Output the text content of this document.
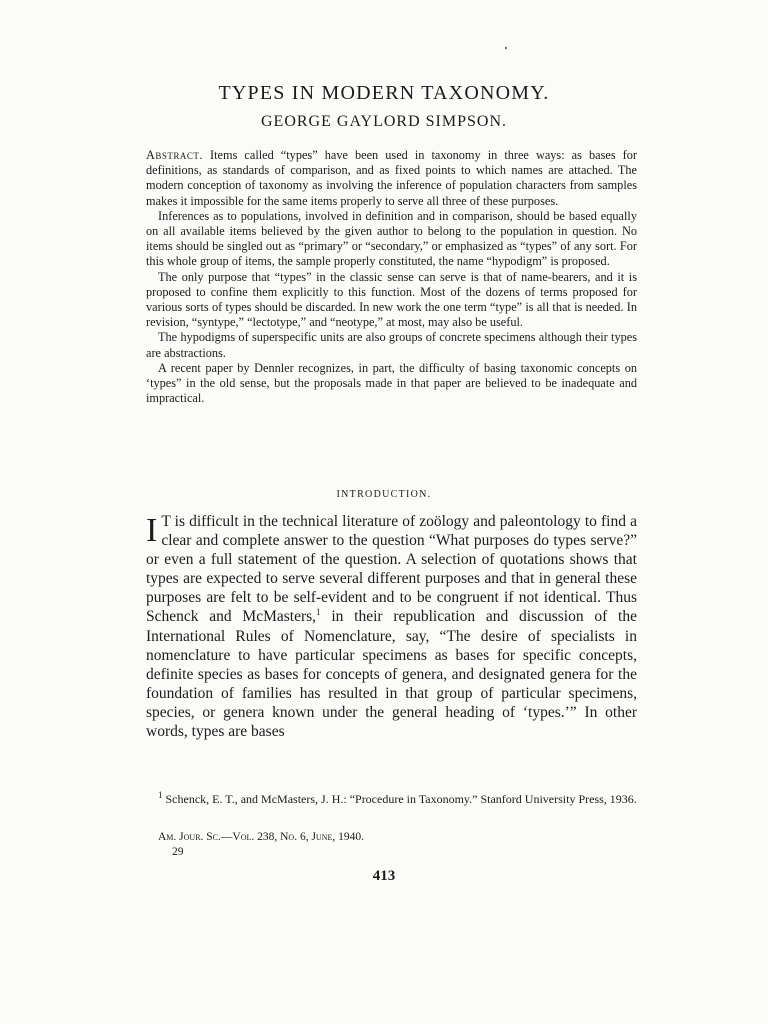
TYPES IN MODERN TAXONOMY.
GEORGE GAYLORD SIMPSON.

Abstract. Items called “types” have been used in taxonomy in three ways: as bases for definitions, as standards of comparison, and as fixed points to which names are attached. The modern conception of taxonomy as involving the inference of population characters from samples makes it impossible for the same items properly to serve all three of these purposes.

Inferences as to populations, involved in definition and in comparison, should be based equally on all available items believed by the given author to belong to the population in question. No items should be singled out as “primary” or “secondary,” or emphasized as “types” of any sort. For this whole group of items, the sample properly constituted, the name “hypodigm” is proposed.

The only purpose that “types” in the classic sense can serve is that of name-bearers, and it is proposed to confine them explicitly to this function. Most of the dozens of terms proposed for various sorts of types should be discarded. In new work the one term “type” is all that is needed. In revision, “syntype,” “lectotype,” and “neotype,” at most, may also be useful.

The hypodigms of superspecific units are also groups of concrete specimens although their types are abstractions.

A recent paper by Dennler recognizes, in part, the difficulty of basing taxonomic concepts on ‘types” in the old sense, but the proposals made in that paper are believed to be inadequate and impractical.

INTRODUCTION.
I T is difficult in the technical literature of zoölogy and paleontology to find a clear and complete answer to the question “What purposes do types serve?” or even a full statement of the question. A selection of quotations shows that types are expected to serve several different purposes and that in general these purposes are felt to be self-evident and to be congruent if not identical. Thus Schenck and McMasters,$^1$ in their republication and discussion of the International Rules of Nomenclature, say, “The desire of specialists in nomenclature to have particular specimens as bases for specific concepts, definite species as bases for concepts of genera, and designated genera for the foundation of families has resulted in that group of particular specimens, species, or genera known under the general heading of ‘types.’” In other words, types are bases

$^1$ Schenck, E. T., and McMasters, J. H.: “Procedure in Taxonomy.” Stanford University Press, 1936.

Am. Jour. Sc.—Vol. 238, No. 6, June, 1940.
29

413
